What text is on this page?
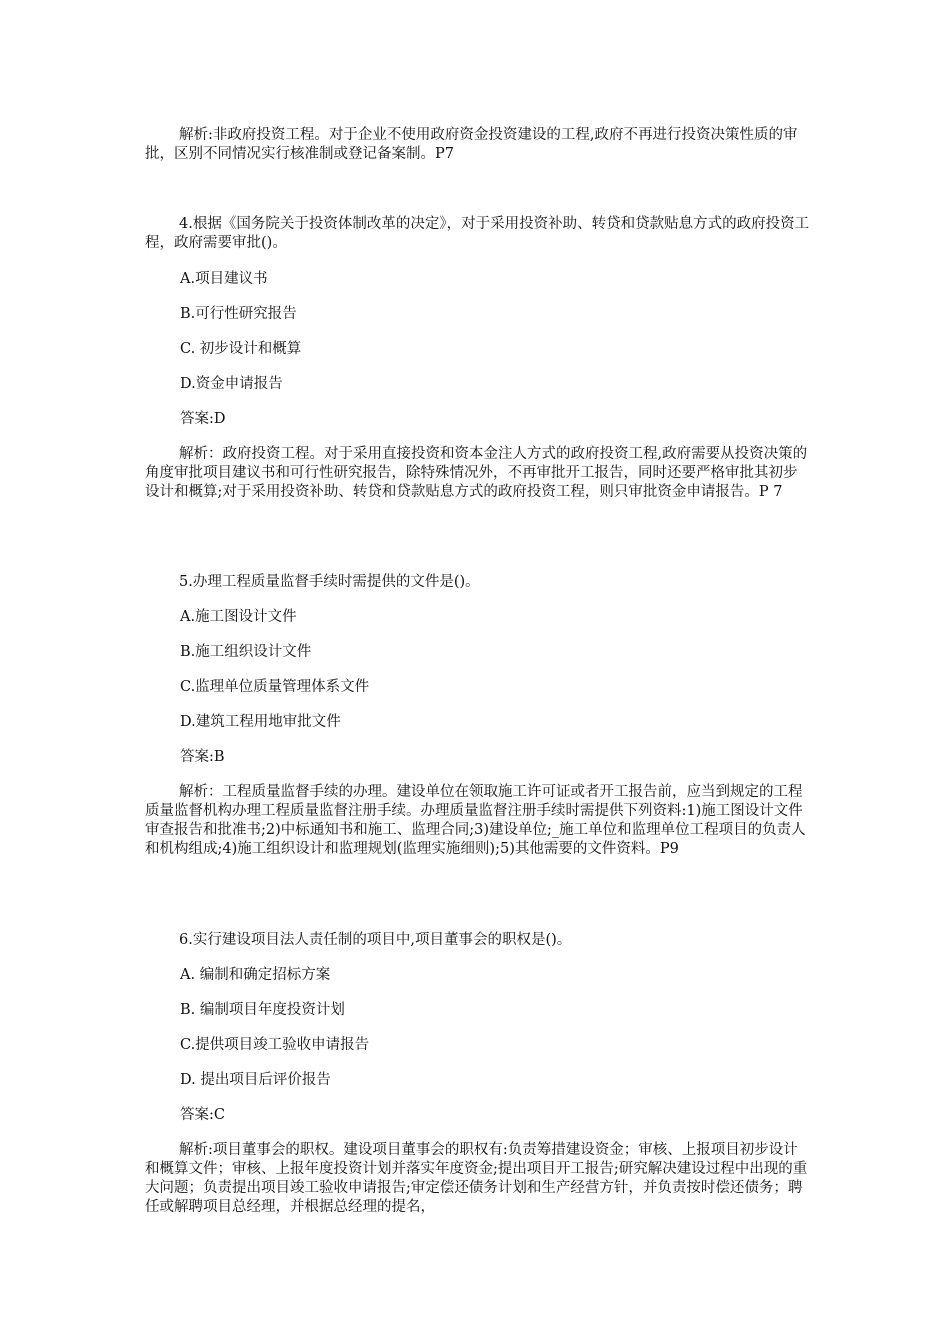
解析:非政府投资工程。对于企业不使用政府资金投资建设的工程,政府不再进行投资决策性质的审批，区别不同情况实行核准制或登记备案制。P7

4.根据《国务院关于投资体制改革的决定》，对于采用投资补助、转贷和贷款贴息方式的政府投资工程，政府需要审批()。

A.项目建议书

B.可行性研究报告

C. 初步设计和概算

D.资金申请报告

答案:D

解析：政府投资工程。对于采用直接投资和资本金注人方式的政府投资工程,政府需要从投资决策的角度审批项目建议书和可行性研究报告，除特殊情况外，不再审批开工报告，同时还要严格审批其初步设计和概算;对于采用投资补助、转贷和贷款贴息方式的政府投资工程，则只审批资金申请报告。P 7

5.办理工程质量监督手续时需提供的文件是()。

A.施工图设计文件

B.施工组织设计文件

C.监理单位质量管理体系文件

D.建筑工程用地审批文件

答案:B

解析：工程质量监督手续的办理。建设单位在领取施工许可证或者开工报告前，应当到规定的工程质量监督机构办理工程质量监督注册手续。办理质量监督注册手续时需提供下列资料:1)施工图设计文件审查报告和批准书;2)中标通知书和施工、监理合同;3)建设单位;_施工单位和监理单位工程项目的负责人和机构组成;4)施工组织设计和监理规划(监理实施细则);5)其他需要的文件资料。P9

6.实行建设项目法人责任制的项目中,项目董事会的职权是()。

A. 编制和确定招标方案

B. 编制项目年度投资计划

C.提供项目竣工验收申请报告

D. 提出项目后评价报告

答案:C

解析:项目董事会的职权。建设项目董事会的职权有:负责筹措建设资金；审核、上报项目初步设计和概算文件；审核、上报年度投资计划并落实年度资金;提出项目开工报告;研究解决建设过程中出现的重大问题；负责提出项目竣工验收申请报告;审定偿还债务计划和生产经营方针，并负责按时偿还债务；聘任或解聘项目总经理，并根据总经理的提名，
